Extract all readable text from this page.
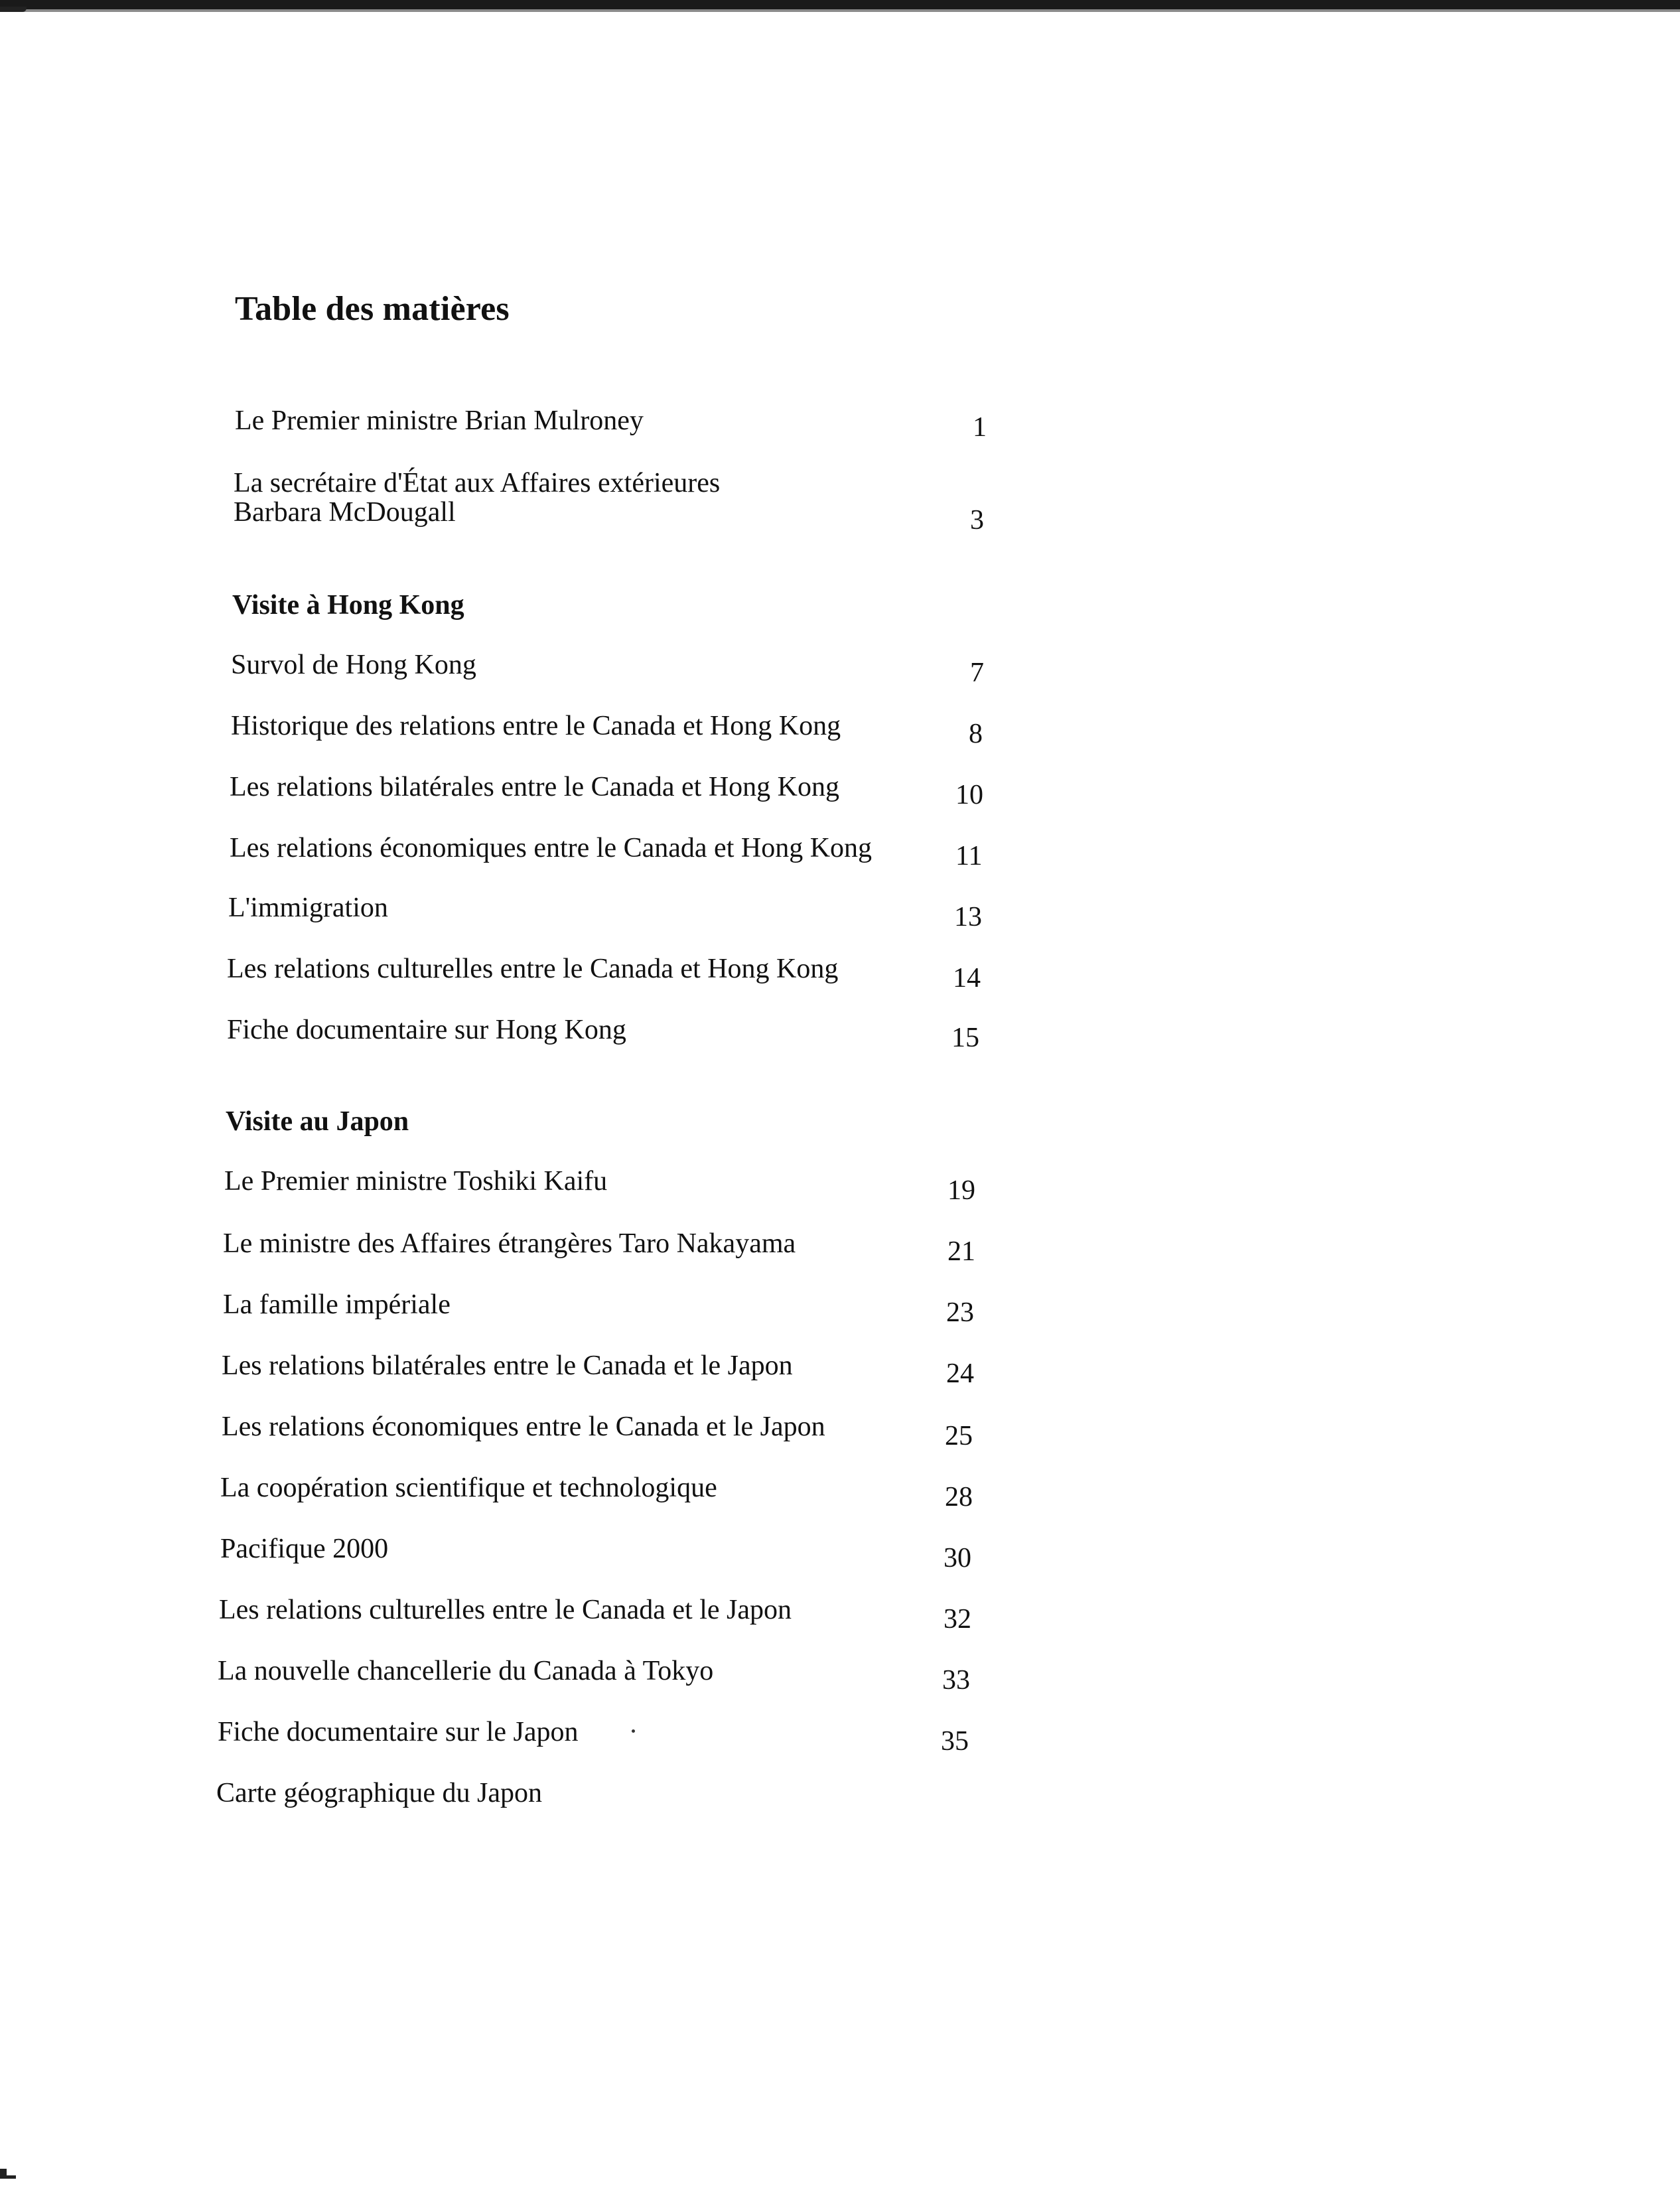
Table des matières
Le Premier ministre Brian Mulroney	1
La secrétaire d'État aux Affaires extérieures
Barbara McDougall	3
Visite à Hong Kong
Survol de Hong Kong	7
Historique des relations entre le Canada et Hong Kong	8
Les relations bilatérales entre le Canada et Hong Kong	10
Les relations économiques entre le Canada et Hong Kong	11
L'immigration	13
Les relations culturelles entre le Canada et Hong Kong	14
Fiche documentaire sur Hong Kong	15
Visite au Japon
Le Premier ministre Toshiki Kaifu	19
Le ministre des Affaires étrangères Taro Nakayama	21
La famille impériale	23
Les relations bilatérales entre le Canada et le Japon	24
Les relations économiques entre le Canada et le Japon	25
La coopération scientifique et technologique	28
Pacifique 2000	30
Les relations culturelles entre le Canada et le Japon	32
La nouvelle chancellerie du Canada à Tokyo	33
Fiche documentaire sur le Japon	35
Carte géographique du Japon
